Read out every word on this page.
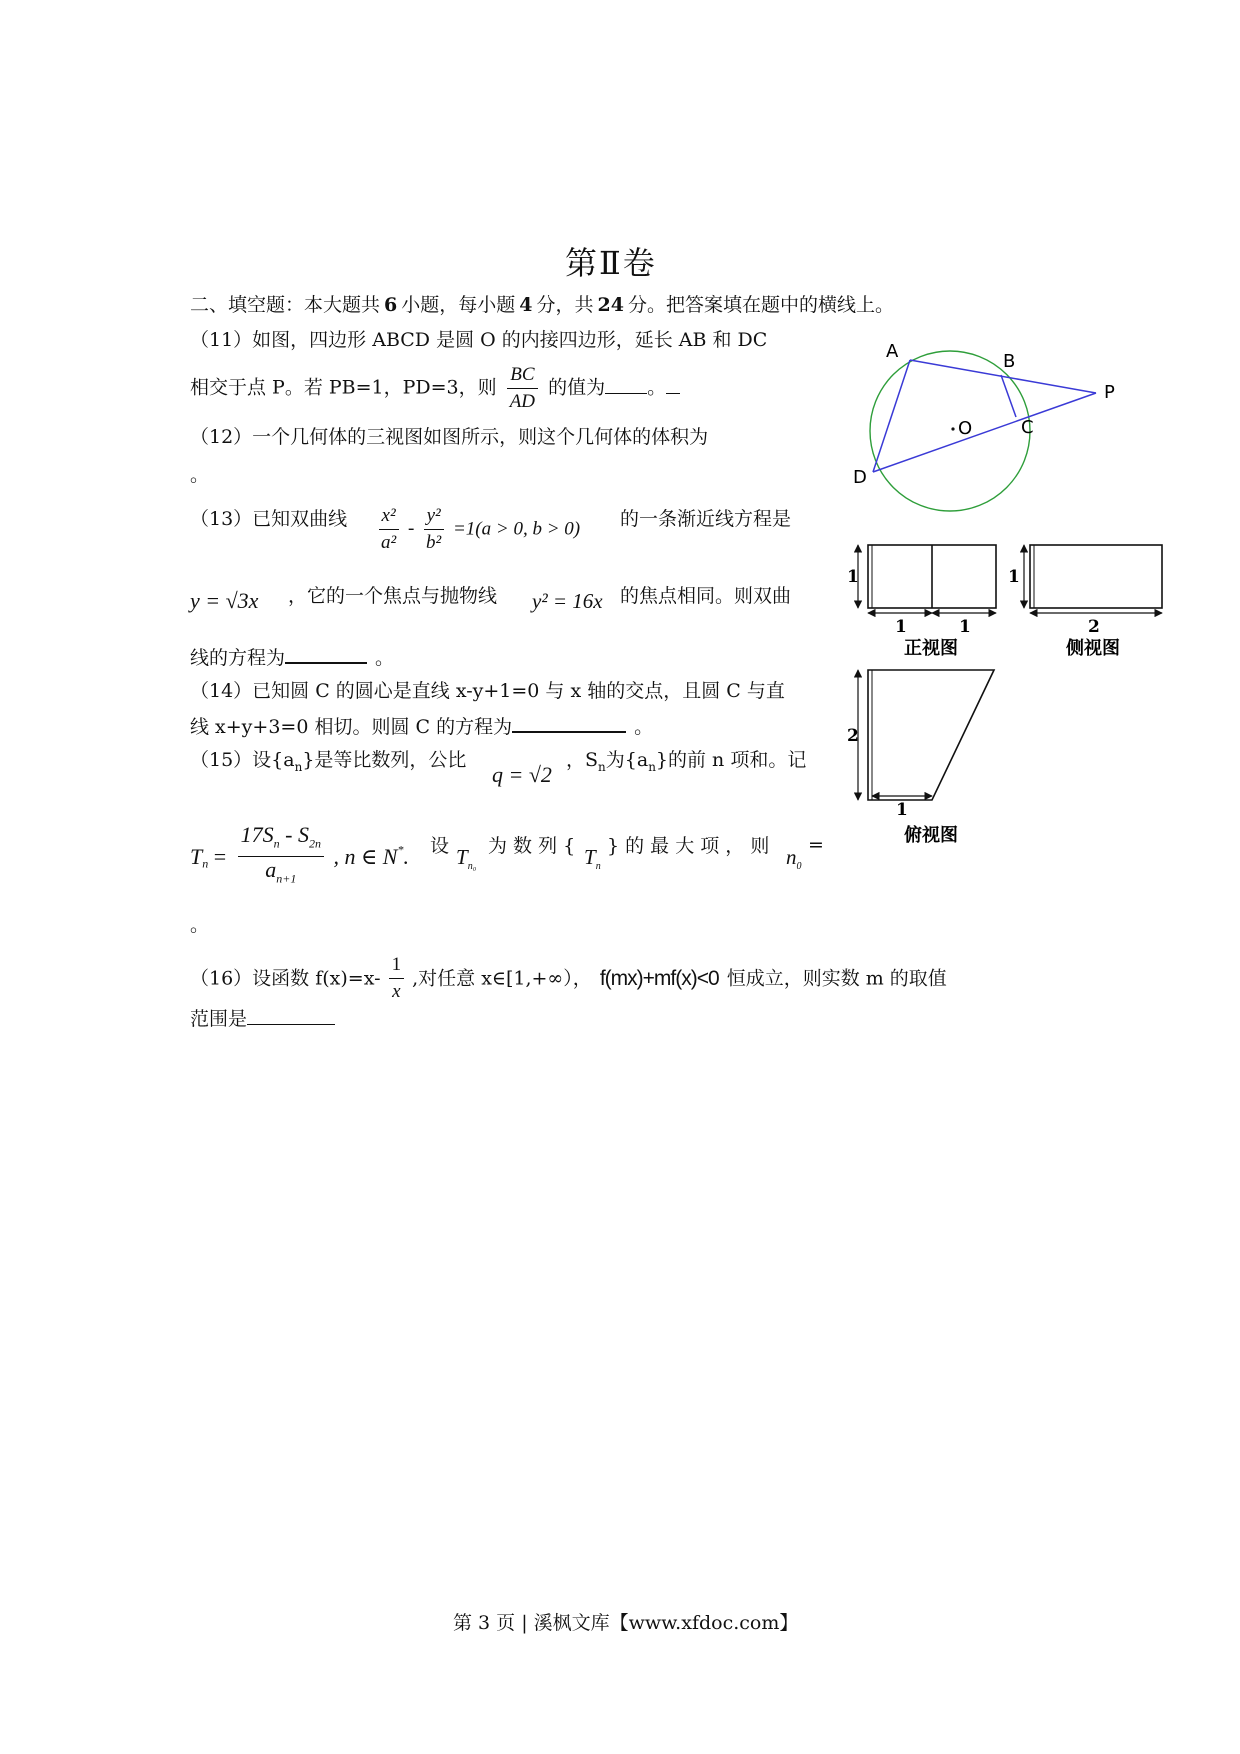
第Ⅱ卷
二、填空题：本大题共 6 小题，每小题 4 分，共 24 分。把答案填在题中的横线上。
（11）如图，四边形 ABCD 是圆 O 的内接四边形，延长 AB 和 DC
相交于点 P。若 PB=1，PD=3，则 $\frac{BC}{AD}$ 的值为 。
（12）一个几何体的三视图如图所示，则这个几何体的体积为
。
（13）已知双曲线 $\frac{\text{x²}}{\text{a²}} - \frac{\text{y²}}{\text{b²}} =1(a > 0$, b > 0) 的一条渐近线方程是
y = √3x ，它的一个焦点与抛物线 y² = 16x 的焦点相同。则双曲
线的方程为	。
（14）已知圆 C 的圆心是直线 x-y+1=0 与 x 轴的交点，且圆 C 与直
线 x+y+3=0 相切。则圆 C 的方程为	。
（15）设$\{a_n\}$是等比数列，公比
q = √2
，$S_n$为$\{a_n\}$的前 n 项和。记
$T_n = \frac{17S_n - S_{2n}}{a_{n+1}}$ , n ∈ N*. 设 $T_{n_0}$
为 数 列 { $T_n$
} 的 最 大 项 ， 则 $n_0$
=
。
（16）设函数 $f(x)=x- \frac{1}{x}$ ,对任意 x∈[1,+∞）， f(mx)+mf(x)<0 恒成立，则实数 m 的取值
范围是
A	B
P
C
O
D
1
1	1
正视图
1
2
侧视图
2
1
俯视图
第 3 页 | 溪枫文库【www.xfdoc.com】
